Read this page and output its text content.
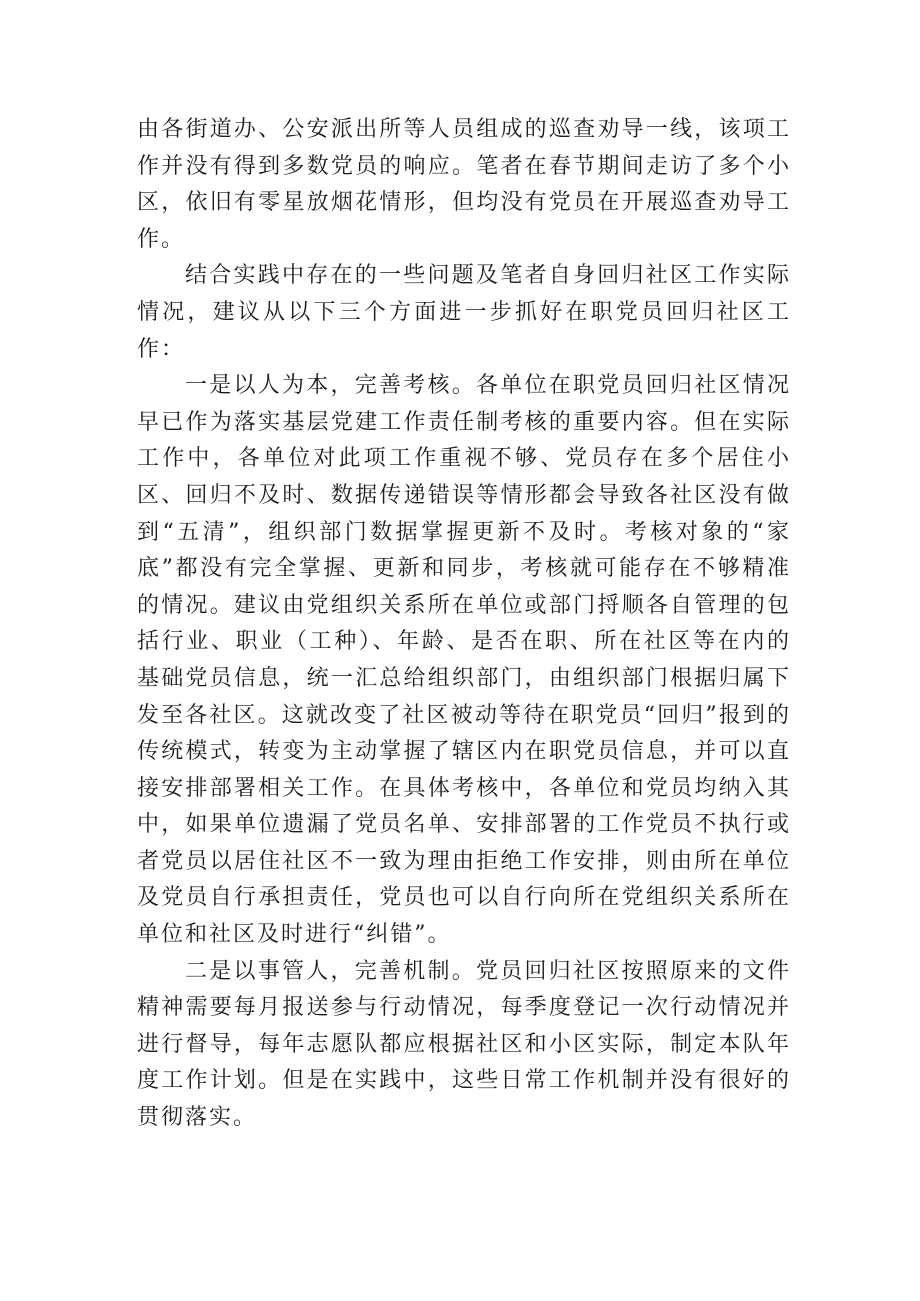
由各街道办、公安派出所等人员组成的巡查劝导一线，该项工作并没有得到多数党员的响应。笔者在春节期间走访了多个小区，依旧有零星放烟花情形，但均没有党员在开展巡查劝导工作。

结合实践中存在的一些问题及笔者自身回归社区工作实际情况，建议从以下三个方面进一步抓好在职党员回归社区工作：

一是以人为本，完善考核。各单位在职党员回归社区情况早已作为落实基层党建工作责任制考核的重要内容。但在实际工作中，各单位对此项工作重视不够、党员存在多个居住小区、回归不及时、数据传递错误等情形都会导致各社区没有做到“五清”，组织部门数据掌握更新不及时。考核对象的“家底”都没有完全掌握、更新和同步，考核就可能存在不够精准的情况。建议由党组织关系所在单位或部门捋顺各自管理的包括行业、职业（工种）、年龄、是否在职、所在社区等在内的基础党员信息，统一汇总给组织部门，由组织部门根据归属下发至各社区。这就改变了社区被动等待在职党员“回归”报到的传统模式，转变为主动掌握了辖区内在职党员信息，并可以直接安排部署相关工作。在具体考核中，各单位和党员均纳入其中，如果单位遗漏了党员名单、安排部署的工作党员不执行或者党员以居住社区不一致为理由拒绝工作安排，则由所在单位及党员自行承担责任，党员也可以自行向所在党组织关系所在单位和社区及时进行“纠错”。

二是以事管人，完善机制。党员回归社区按照原来的文件精神需要每月报送参与行动情况，每季度登记一次行动情况并进行督导，每年志愿队都应根据社区和小区实际，制定本队年度工作计划。但是在实践中，这些日常工作机制并没有很好的贯彻落实。
